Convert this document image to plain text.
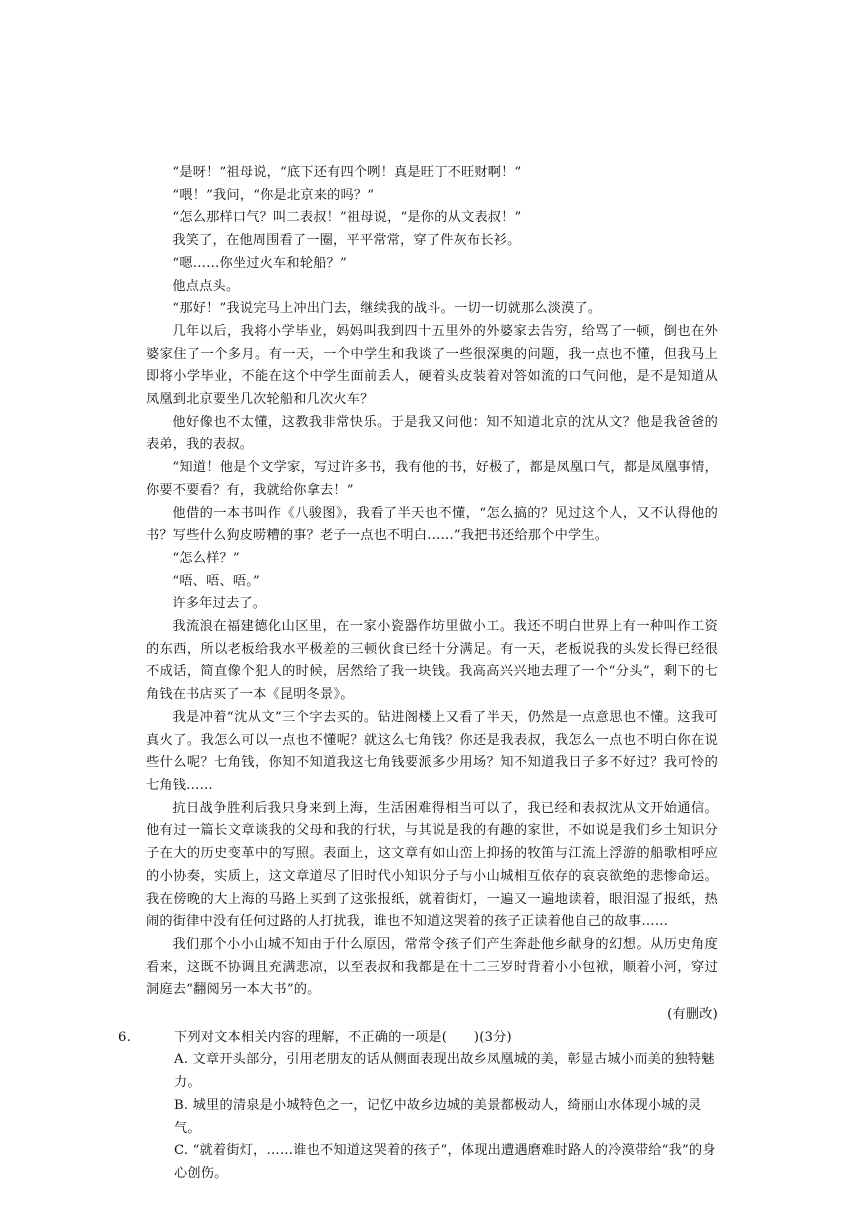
“是呀！”祖母说，“底下还有四个咧！真是旺丁不旺财啊！”

“喂！”我问，“你是北京来的吗？”

“怎么那样口气？叫二表叔！”祖母说，“是你的从文表叔！”

我笑了，在他周围看了一圈，平平常常，穿了件灰布长衫。

“嗯……你坐过火车和轮船？”

他点点头。

“那好！”我说完马上冲出门去，继续我的战斗。一切一切就那么淡漠了。

几年以后，我将小学毕业，妈妈叫我到四十五里外的外婆家去告穷，给骂了一顿，倒也在外婆家住了一个多月。有一天，一个中学生和我谈了一些很深奥的问题，我一点也不懂，但我马上即将小学毕业，不能在这个中学生面前丢人，硬着头皮装着对答如流的口气问他，是不是知道从凤凰到北京要坐几次轮船和几次火车？

他好像也不太懂，这教我非常快乐。于是我又问他：知不知道北京的沈从文？他是我爸爸的表弟，我的表叔。

“知道！他是个文学家，写过许多书，我有他的书，好极了，都是凤凰口气，都是凤凰事情，你要不要看？有，我就给你拿去！”

他借的一本书叫作《八骏图》，我看了半天也不懂，“怎么搞的？见过这个人，又不认得他的书？写些什么狗皮唠糟的事？老子一点也不明白……”我把书还给那个中学生。

“怎么样？”

“唔、唔、唔。”

许多年过去了。

我流浪在福建德化山区里，在一家小瓷器作坊里做小工。我还不明白世界上有一种叫作工资的东西，所以老板给我水平极差的三顿伙食已经十分满足。有一天，老板说我的头发长得已经很不成话，简直像个犯人的时候，居然给了我一块钱。我高高兴兴地去理了一个“分头”，剩下的七角钱在书店买了一本《昆明冬景》。

我是冲着“沈从文”三个字去买的。钻进阁楼上又看了半天，仍然是一点意思也不懂。这我可真火了。我怎么可以一点也不懂呢？就这么七角钱？你还是我表叔，我怎么一点也不明白你在说些什么呢？七角钱，你知不知道我这七角钱要派多少用场？知不知道我日子多不好过？我可怜的七角钱……

抗日战争胜利后我只身来到上海，生活困难得相当可以了，我已经和表叔沈从文开始通信。他有过一篇长文章谈我的父母和我的行状，与其说是我的有趣的家世，不如说是我们乡土知识分子在大的历史变革中的写照。表面上，这文章有如山峦上抑扬的牧笛与江流上浮游的船歌相呼应的小协奏，实质上，这文章道尽了旧时代小知识分子与小山城相互依存的哀哀欲绝的悲惨命运。我在傍晚的大上海的马路上买到了这张报纸，就着街灯，一遍又一遍地读着，眼泪湿了报纸，热闹的街律中没有任何过路的人打扰我，谁也不知道这哭着的孩子正读着他自己的故事……

我们那个小小山城不知由于什么原因，常常令孩子们产生奔赴他乡献身的幻想。从历史角度看来，这既不协调且充满悲凉，以至表叔和我都是在十二三岁时背着小小包袱，顺着小河，穿过洞庭去“翻阅另一本大书”的。

(有删改)

6.	下列对文本相关内容的理解，不正确的一项是(　　)(3分)

A. 文章开头部分，引用老朋友的话从侧面表现出故乡凤凰城的美，彰显古城小而美的独特魅力。

B. 城里的清泉是小城特色之一，记忆中故乡边城的美景都极动人，绮丽山水体现小城的灵气。

C. “就着街灯，……谁也不知道这哭着的孩子”，体现出遭遇磨难时路人的冷漠带给“我”的身心创伤。
